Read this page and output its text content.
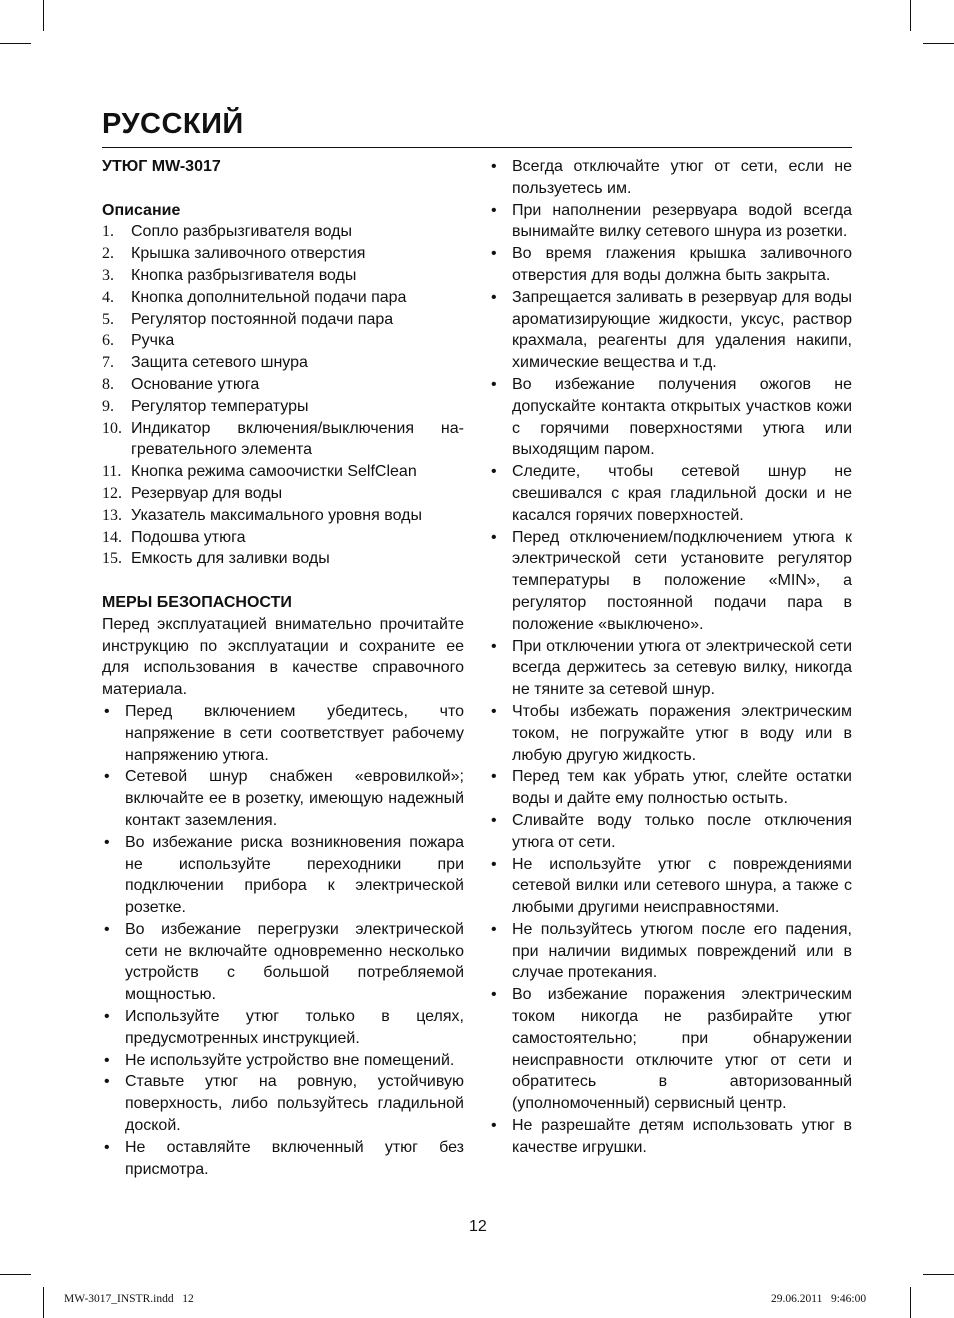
РУССКИЙ
УТЮГ MW-3017
Описание
1.	Сопло разбрызгивателя воды
2.	Крышка заливочного отверстия
3.	Кнопка разбрызгивателя воды
4.	Кнопка дополнительной подачи пара
5.	Регулятор постоянной подачи пара
6.	Ручка
7.	Защита сетевого шнура
8.	Основание утюга
9.	Регулятор температуры
10. Индикатор включения/выключения на-гревательного элемента
11. Кнопка режима самоочистки SelfClean
12. Резервуар для воды
13. Указатель максимального уровня воды
14. Подошва утюга
15. Емкость для заливки воды
МЕРЫ БЕЗОПАСНОСТИ
Перед эксплуатацией внимательно прочитайте инструкцию по эксплуатации и сохраните ее для использования в качестве справочного материала.
• Перед включением убедитесь, что напряжение в сети соответствует рабочему напряжению утюга.
• Сетевой шнур снабжен «евровилкой»; включайте ее в розетку, имеющую надежный контакт заземления.
• Во избежание риска возникновения пожара не используйте переходники при подключении прибора к электрической розетке.
• Во избежание перегрузки электрической сети не включайте одновременно несколько устройств с большой потребляемой мощностью.
• Используйте утюг только в целях, предусмотренных инструкцией.
• Не используйте устройство вне помещений.
• Ставьте утюг на ровную, устойчивую поверхность, либо пользуйтесь гладильной доской.
• Не оставляйте включенный утюг без присмотра.
• Всегда отключайте утюг от сети, если не пользуетесь им.
• При наполнении резервуара водой всегда вынимайте вилку сетевого шнура из розетки.
• Во время глажения крышка заливочного отверстия для воды должна быть закрыта.
• Запрещается заливать в резервуар для воды ароматизирующие жидкости, уксус, раствор крахмала, реагенты для удаления накипи, химические вещества и т.д.
• Во избежание получения ожогов не допускайте контакта открытых участков кожи с горячими поверхностями утюга или выходящим паром.
• Следите, чтобы сетевой шнур не свешивался с края гладильной доски и не касался горячих поверхностей.
• Перед отключением/подключением утюга к электрической сети установите регулятор температуры в положение «MIN», а регулятор постоянной подачи пара в положение «выключено».
• При отключении утюга от электрической сети всегда держитесь за сетевую вилку, никогда не тяните за сетевой шнур.
• Чтобы избежать поражения электрическим током, не погружайте утюг в воду или в любую другую жидкость.
• Перед тем как убрать утюг, слейте остатки воды и дайте ему полностью остыть.
• Сливайте воду только после отключения утюга от сети.
• Не используйте утюг с повреждениями сетевой вилки или сетевого шнура, а также с любыми другими неисправностями.
• Не пользуйтесь утюгом после его падения, при наличии видимых повреждений или в случае протекания.
• Во избежание поражения электрическим током никогда не разбирайте утюг самостоятельно; при обнаружении неисправности отключите утюг от сети и обратитесь в авторизованный (уполномоченный) сервисный центр.
• Не разрешайте детям использовать утюг в качестве игрушки.
12
MW-3017_INSTR.indd   12	29.06.2011   9:46:00
